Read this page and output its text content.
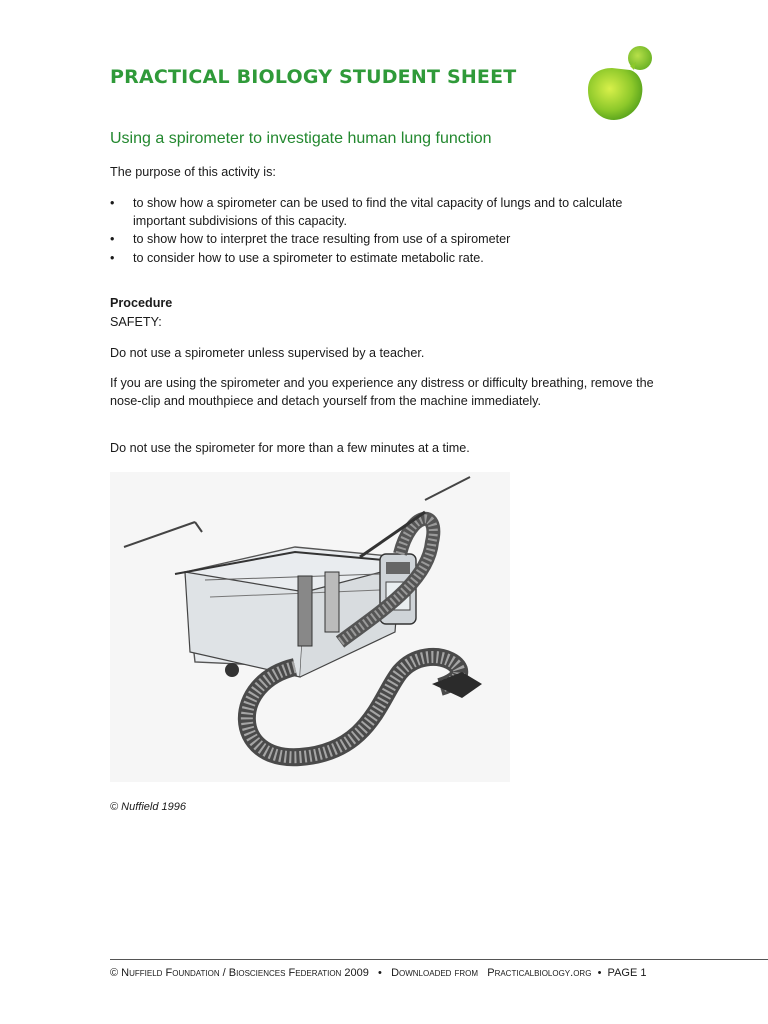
PRACTICAL BIOLOGY STUDENT SHEET
Using a spirometer to investigate human lung function
The purpose of this activity is:
• to show how a spirometer can be used to find the vital capacity of lungs and to calculate important subdivisions of this capacity.
• to show how to interpret the trace resulting from use of a spirometer
• to consider how to use a spirometer to estimate metabolic rate.
Procedure
SAFETY:
Do not use a spirometer unless supervised by a teacher.
If you are using the spirometer and you experience any distress or difficulty breathing, remove the nose-clip and mouthpiece and detach yourself from the machine immediately.
Do not use the spirometer for more than a few minutes at a time.
© Nuffield 1996
© Nuffield Foundation / Biosciences Federation 2009 • Downloaded from Practicalbiology.org • PAGE 1
